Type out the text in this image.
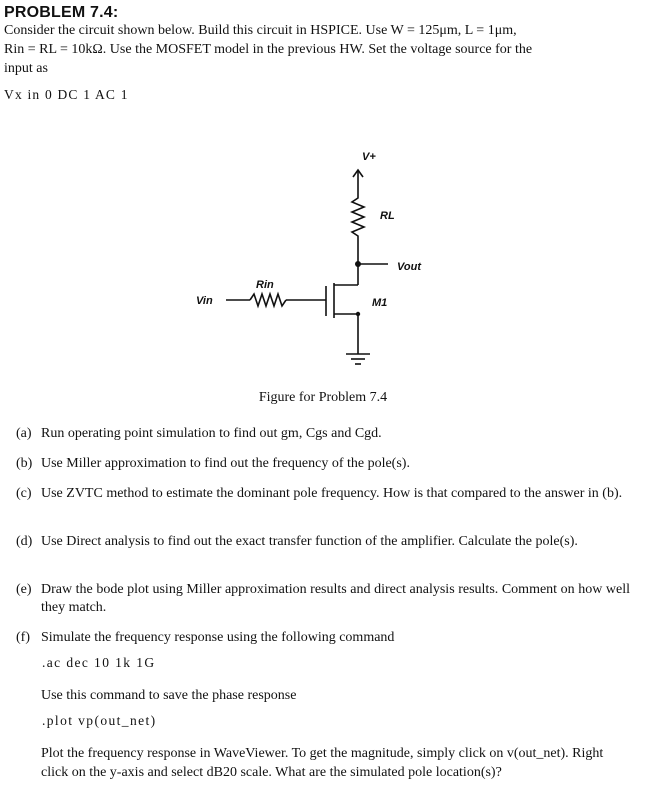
PROBLEM 7.4:
Consider the circuit shown below. Build this circuit in HSPICE. Use W = 125μm, L = 1μm,
Rin = RL = 10kΩ. Use the MOSFET model in the previous HW. Set the voltage source for the
input as
Vx in 0 DC 1 AC 1
V+
RL
Vout
Rin
Vin	M1
Figure for Problem 7.4
(a) Run operating point simulation to find out gm, Cgs and Cgd.
(b) Use Miller approximation to find out the frequency of the pole(s).
(c) Use ZVTC method to estimate the dominant pole frequency. How is that compared to the answer in (b).
(d) Use Direct analysis to find out the exact transfer function of the amplifier. Calculate the pole(s).
(e) Draw the bode plot using Miller approximation results and direct analysis results. Comment on how well they match.
(f) Simulate the frequency response using the following command
.ac dec 10 1k 1G
Use this command to save the phase response
.plot vp(out_net)
Plot the frequency response in WaveViewer. To get the magnitude, simply click on v(out_net). Right click on the y-axis and select dB20 scale. What are the simulated pole location(s)?
